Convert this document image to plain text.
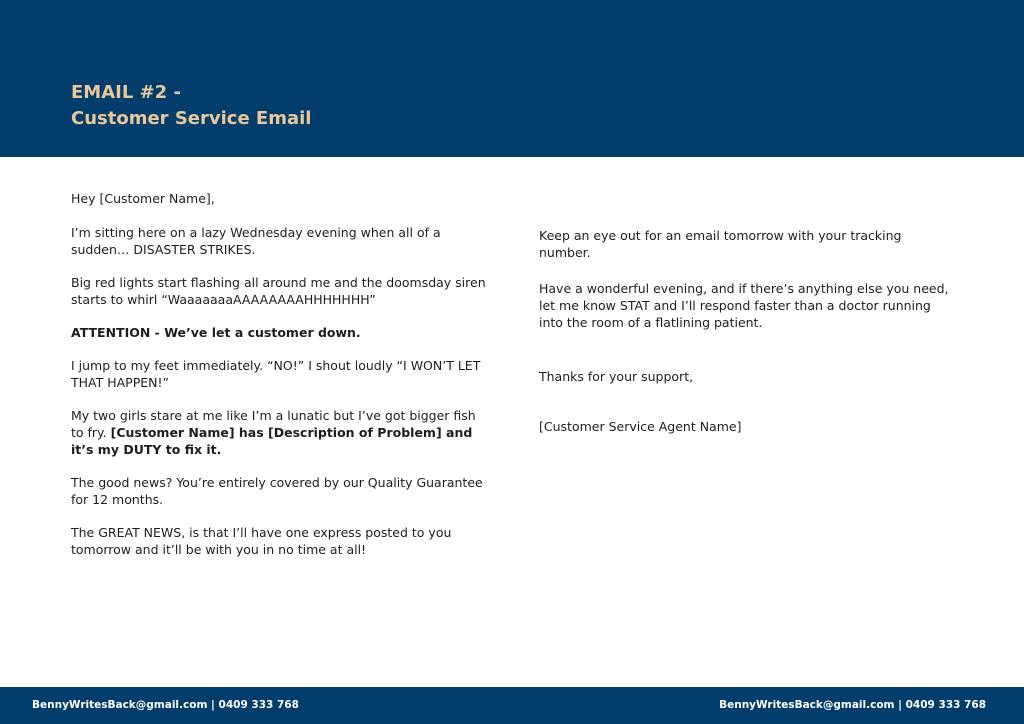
EMAIL #2 -
Customer Service Email

Hey [Customer Name],

I’m sitting here on a lazy Wednesday evening when all of a sudden… DISASTER STRIKES.

Big red lights start flashing all around me and the doomsday siren starts to whirl “WaaaaaaaAAAAAAAAHHHHHHH”

ATTENTION - We’ve let a customer down.

I jump to my feet immediately. “NO!” I shout loudly “I WON’T LET THAT HAPPEN!”

My two girls stare at me like I’m a lunatic but I’ve got bigger fish to fry. [Customer Name] has [Description of Problem] and it’s my DUTY to fix it.

The good news? You’re entirely covered by our Quality Guarantee for 12 months.

The GREAT NEWS, is that I’ll have one express posted to you tomorrow and it’ll be with you in no time at all!

Keep an eye out for an email tomorrow with your tracking number.

Have a wonderful evening, and if there’s anything else you need, let me know STAT and I’ll respond faster than a doctor running into the room of a flatlining patient.

Thanks for your support,

[Customer Service Agent Name]

BennyWritesBack@gmail.com | 0409 333 768	BennyWritesBack@gmail.com | 0409 333 768
